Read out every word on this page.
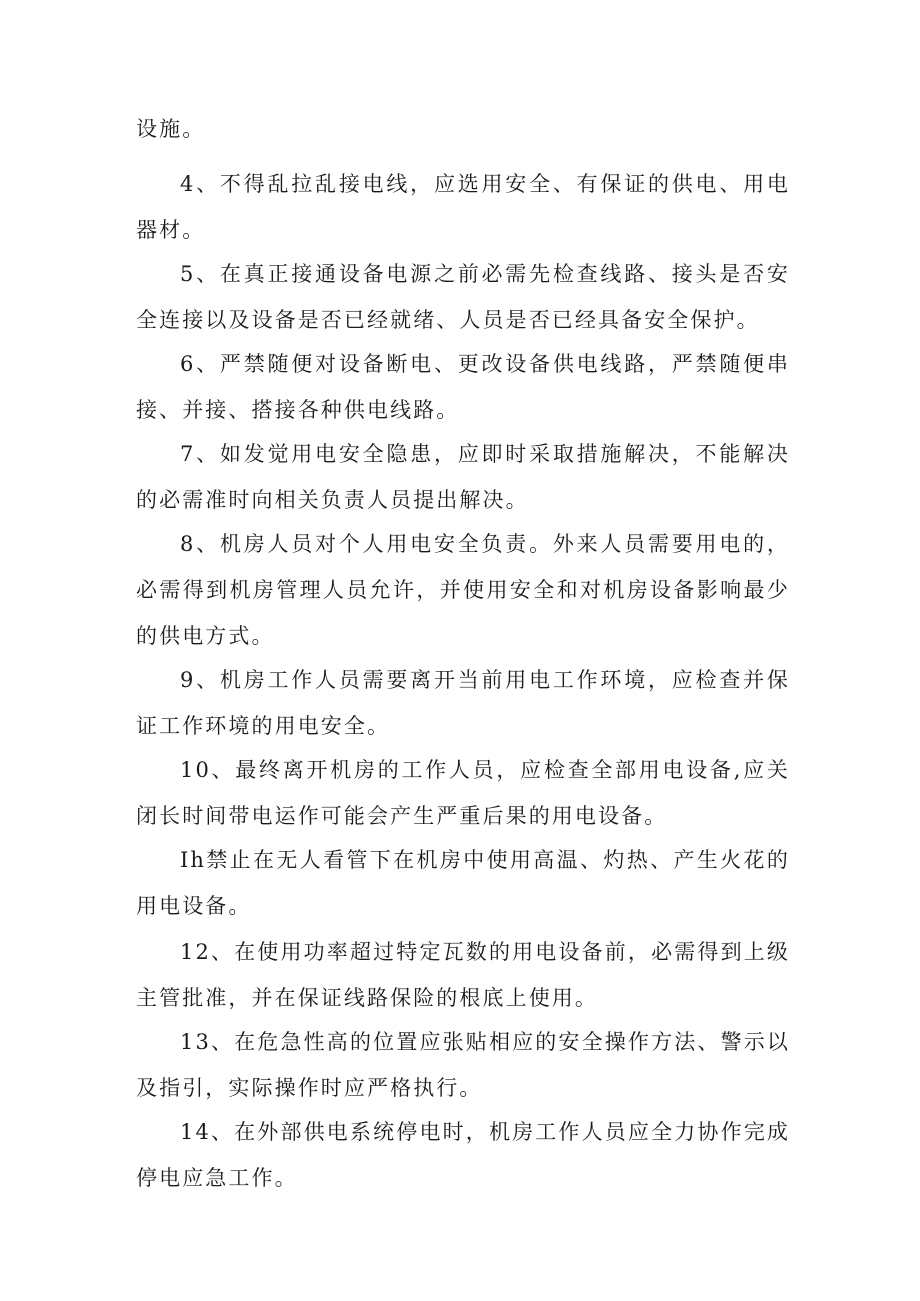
设施。

4、不得乱拉乱接电线，应选用安全、有保证的供电、用电器材。

5、在真正接通设备电源之前必需先检查线路、接头是否安全连接以及设备是否已经就绪、人员是否已经具备安全保护。

6、严禁随便对设备断电、更改设备供电线路，严禁随便串接、并接、搭接各种供电线路。

7、如发觉用电安全隐患，应即时采取措施解决，不能解决的必需准时向相关负责人员提出解决。

8、机房人员对个人用电安全负责。外来人员需要用电的，必需得到机房管理人员允许，并使用安全和对机房设备影响最少的供电方式。

9、机房工作人员需要离开当前用电工作环境，应检查并保证工作环境的用电安全。

10、最终离开机房的工作人员，应检查全部用电设备,应关闭长时间带电运作可能会产生严重后果的用电设备。

Ih禁止在无人看管下在机房中使用高温、灼热、产生火花的用电设备。

12、在使用功率超过特定瓦数的用电设备前，必需得到上级主管批准，并在保证线路保险的根底上使用。

13、在危急性高的位置应张贴相应的安全操作方法、警示以及指引，实际操作时应严格执行。

14、在外部供电系统停电时，机房工作人员应全力协作完成停电应急工作。
